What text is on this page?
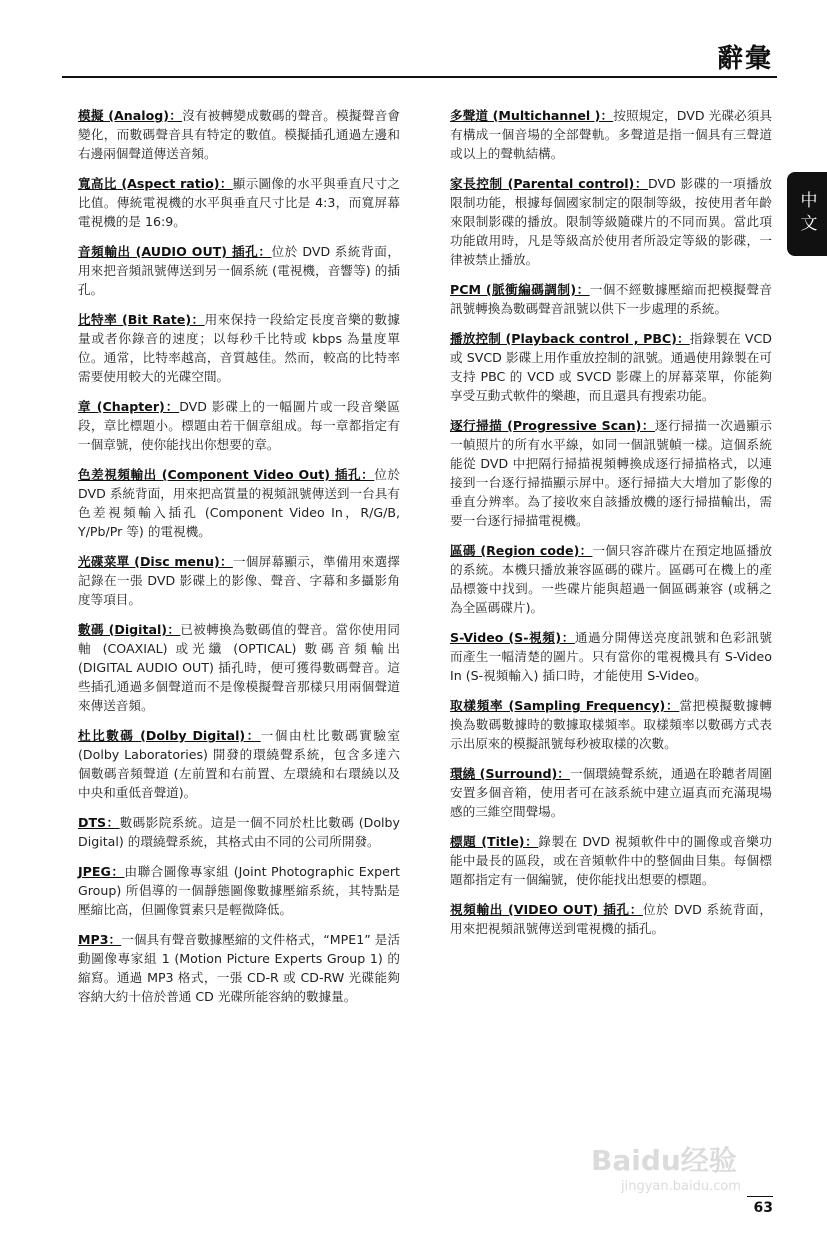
辭彙
中文

模擬 (Analog)：沒有被轉變成數碼的聲音。模擬聲音會變化，而數碼聲音具有特定的數值。模擬插孔通過左邊和右邊兩個聲道傳送音頻。

寬高比 (Aspect ratio)：顯示圖像的水平與垂直尺寸之比值。傳統電視機的水平與垂直尺寸比是 4:3，而寬屏幕電視機的是 16:9。

音頻輸出 (AUDIO OUT) 插孔：位於 DVD 系統背面，用來把音頻訊號傳送到另一個系統 (電視機，音響等) 的插孔。

比特率 (Bit Rate)：用來保持一段給定長度音樂的數據量或者你錄音的速度；以每秒千比特或 kbps 為量度單位。通常，比特率越高，音質越佳。然而，較高的比特率需要使用較大的光碟空間。

章 (Chapter)：DVD 影碟上的一幅圖片或一段音樂區段，章比標題小。標題由若干個章組成。每一章都指定有一個章號，使你能找出你想要的章。

色差視頻輸出 (Component Video Out) 插孔：位於 DVD 系統背面，用來把高質量的視頻訊號傳送到一台具有色差視頻輸入插孔 (Component Video In，R/G/B, Y/Pb/Pr 等) 的電視機。

光碟菜單 (Disc menu)：一個屏幕顯示，準備用來選擇記錄在一張 DVD 影碟上的影像、聲音、字幕和多攝影角度等項目。

數碼 (Digital)：已被轉換為數碼值的聲音。當你使用同軸 (COAXIAL) 或光纖 (OPTICAL) 數碼音頻輸出 (DIGITAL AUDIO OUT) 插孔時，便可獲得數碼聲音。這些插孔通過多個聲道而不是像模擬聲音那樣只用兩個聲道來傳送音頻。

杜比數碼 (Dolby Digital)：一個由杜比數碼實驗室 (Dolby Laboratories) 開發的環繞聲系統，包含多達六個數碼音頻聲道 (左前置和右前置、左環繞和右環繞以及中央和重低音聲道)。

DTS：數碼影院系統。這是一個不同於杜比數碼 (Dolby Digital) 的環繞聲系統，其格式由不同的公司所開發。

JPEG：由聯合圖像專家組 (Joint Photographic Expert Group) 所倡導的一個靜態圖像數據壓縮系統，其特點是壓縮比高，但圖像質素只是輕微降低。

MP3：一個具有聲音數據壓縮的文件格式，“MPE1” 是活動圖像專家組 1 (Motion Picture Experts Group 1) 的縮寫。通過 MP3 格式，一張 CD-R 或 CD-RW 光碟能夠容納大約十倍於普通 CD 光碟所能容納的數據量。

多聲道 (Multichannel )：按照規定，DVD 光碟必須具有構成一個音場的全部聲軌。多聲道是指一個具有三聲道或以上的聲軌結構。

家長控制 (Parental control)：DVD 影碟的一項播放限制功能，根據每個國家制定的限制等級，按使用者年齡來限制影碟的播放。限制等級隨碟片的不同而異。當此項功能啟用時，凡是等級高於使用者所設定等級的影碟，一律被禁止播放。

PCM (脈衝編碼調制)：一個不經數據壓縮而把模擬聲音訊號轉換為數碼聲音訊號以供下一步處理的系統。

播放控制 (Playback control , PBC)：指錄製在 VCD 或 SVCD 影碟上用作重放控制的訊號。通過使用錄製在可支持 PBC 的 VCD 或 SVCD 影碟上的屏幕菜單，你能夠享受互動式軟件的樂趣，而且還具有搜索功能。

逐行掃描 (Progressive Scan)：逐行掃描一次過顯示一幀照片的所有水平線，如同一個訊號幀一樣。這個系統能從 DVD 中把隔行掃描視頻轉換成逐行掃描格式，以連接到一台逐行掃描顯示屏中。逐行掃描大大增加了影像的垂直分辨率。為了接收來自該播放機的逐行掃描輸出，需要一台逐行掃描電視機。

區碼 (Region code)：一個只容許碟片在預定地區播放的系統。本機只播放兼容區碼的碟片。區碼可在機上的產品標簽中找到。一些碟片能與超過一個區碼兼容 (或稱之為全區碼碟片)。

S-Video (S-視頻)：通過分開傳送亮度訊號和色彩訊號而產生一幅清楚的圖片。只有當你的電視機具有 S-Video In (S-視頻輸入) 插口時，才能使用 S-Video。

取樣頻率 (Sampling Frequency)：當把模擬數據轉換為數碼數據時的數據取樣頻率。取樣頻率以數碼方式表示出原來的模擬訊號每秒被取樣的次數。

環繞 (Surround)：一個環繞聲系統，通過在聆聽者周圍安置多個音箱，使用者可在該系統中建立逼真而充滿現場感的三維空間聲場。

標題 (Title)：錄製在 DVD 視頻軟件中的圖像或音樂功能中最長的區段，或在音頻軟件中的整個曲目集。每個標題都指定有一個編號，使你能找出想要的標題。

視頻輸出 (VIDEO OUT) 插孔：位於 DVD 系統背面，用來把視頻訊號傳送到電視機的插孔。

Baidu经验
jingyan.baidu.com
63
